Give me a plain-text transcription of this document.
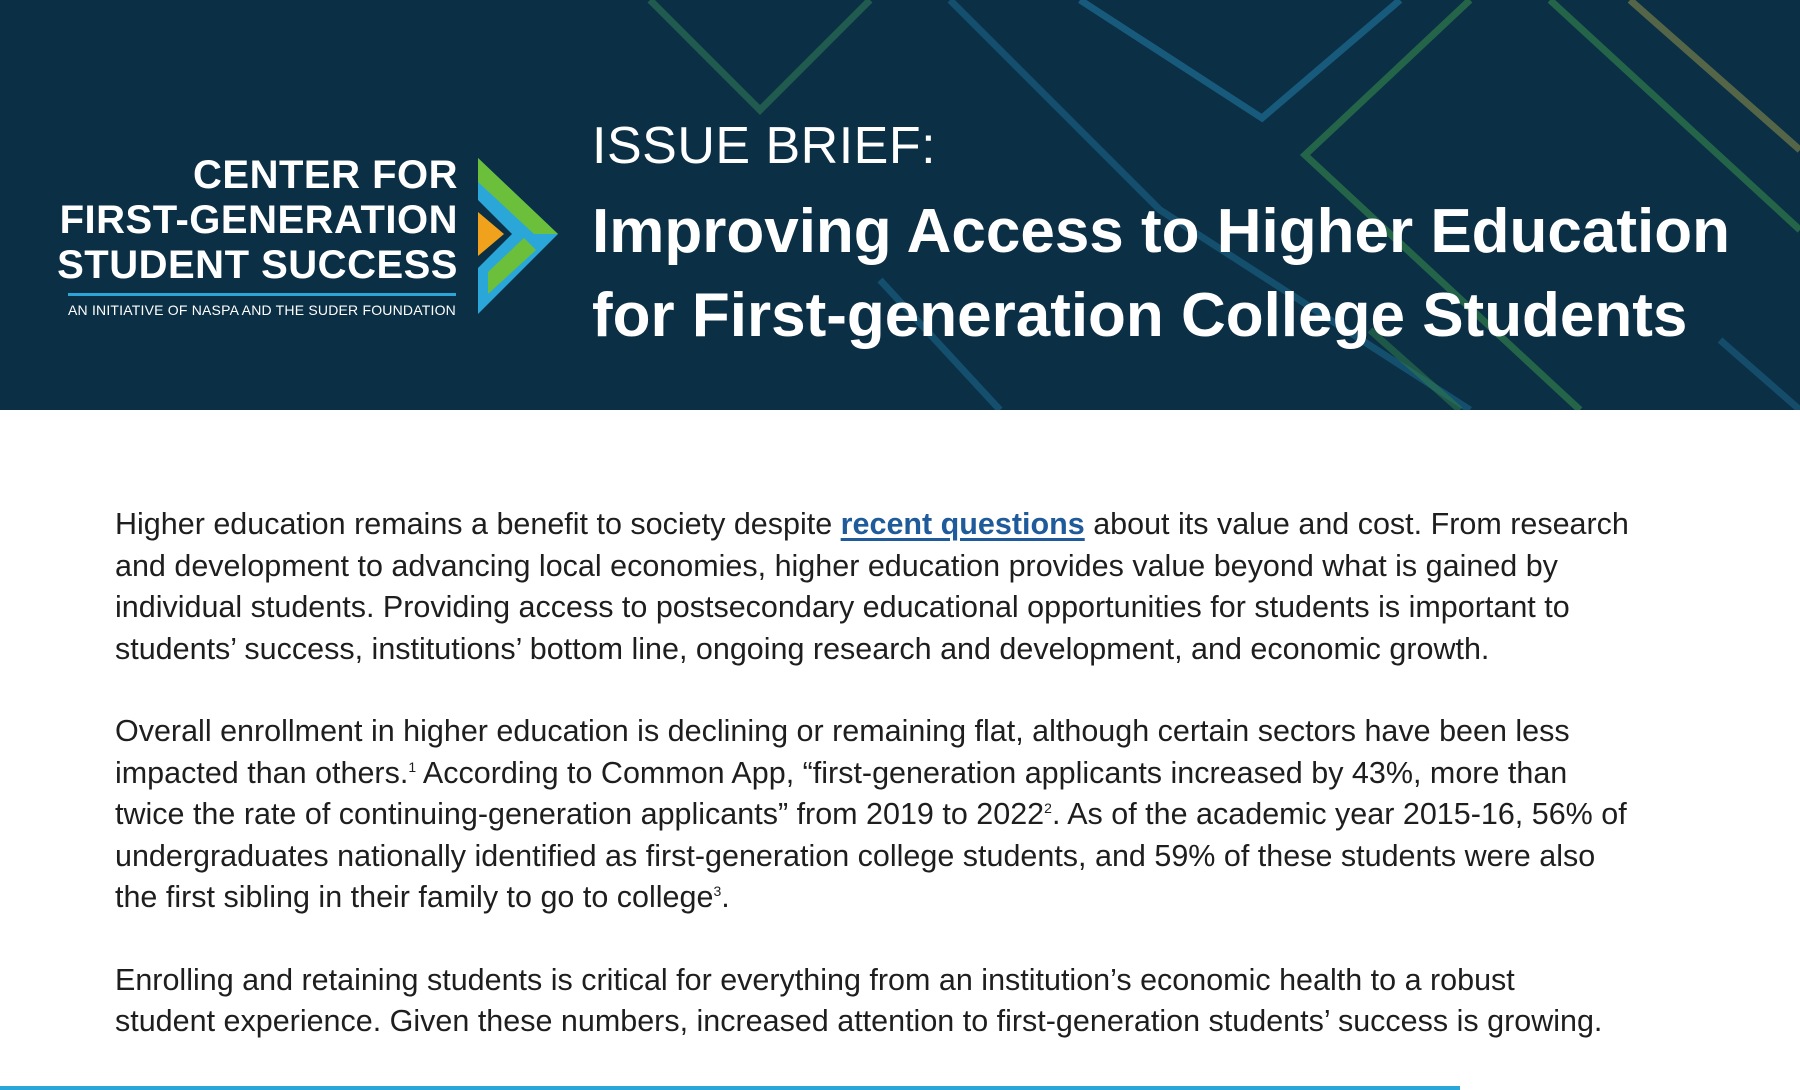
CENTER FOR
FIRST-GENERATION
STUDENT SUCCESS
AN INITIATIVE OF NASPA AND THE SUDER FOUNDATION
ISSUE BRIEF:
Improving Access to Higher Education
for First-generation College Students

Higher education remains a benefit to society despite recent questions about its value and cost. From research
and development to advancing local economies, higher education provides value beyond what is gained by
individual students. Providing access to postsecondary educational opportunities for students is important to
students’ success, institutions’ bottom line, ongoing research and development, and economic growth.

Overall enrollment in higher education is declining or remaining flat, although certain sectors have been less
impacted than others.$^1$ According to Common App, “first-generation applicants increased by 43%, more than
twice the rate of continuing-generation applicants” from 2019 to 2022$^2$. As of the academic year 2015-16, 56% of
undergraduates nationally identified as first-generation college students, and 59% of these students were also
the first sibling in their family to go to college$^3$.

Enrolling and retaining students is critical for everything from an institution’s economic health to a robust
student experience. Given these numbers, increased attention to first-generation students’ success is growing.
